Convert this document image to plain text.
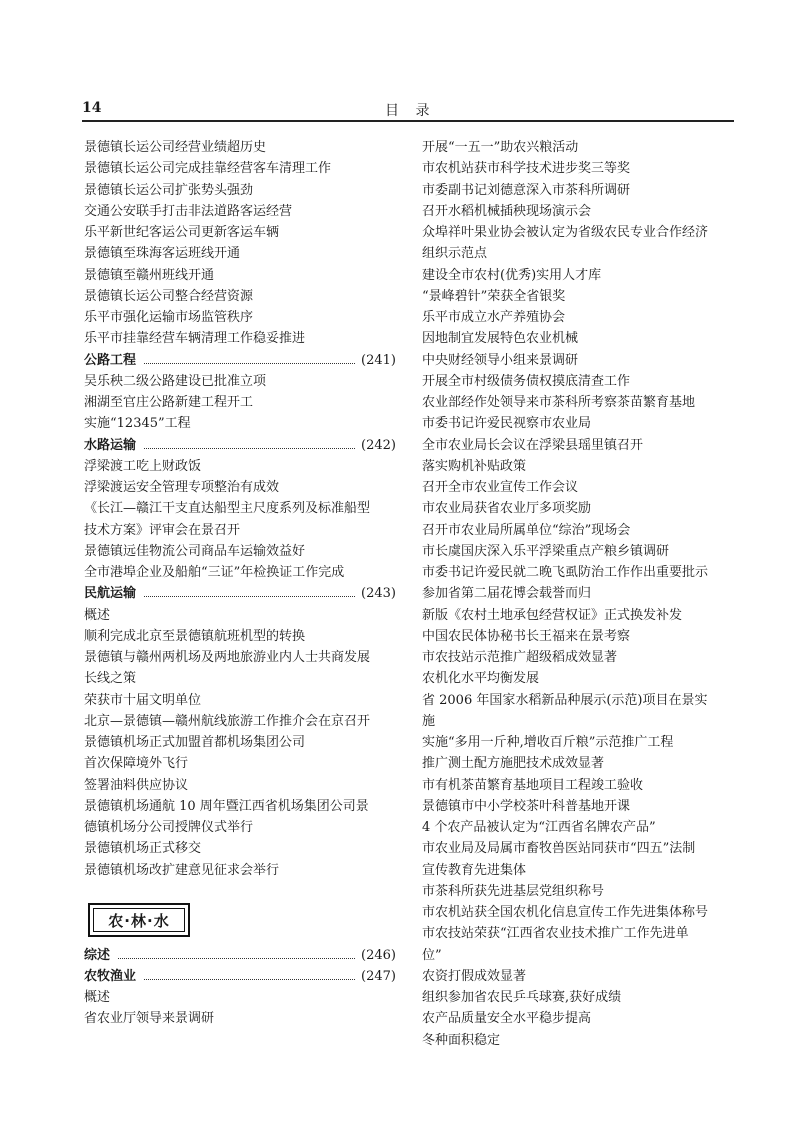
14	目 录
景德镇长运公司经营业绩超历史
景德镇长运公司完成挂靠经营客车清理工作
景德镇长运公司扩张势头强劲
交通公安联手打击非法道路客运经营
乐平新世纪客运公司更新客运车辆
景德镇至珠海客运班线开通
景德镇至赣州班线开通
景德镇长运公司整合经营资源
乐平市强化运输市场监管秩序
乐平市挂靠经营车辆清理工作稳妥推进
公路工程	(241)
吴乐秧二级公路建设已批准立项
湘湖至官庄公路新建工程开工
实施“12345”工程
水路运输	(242)
浮梁渡工吃上财政饭
浮梁渡运安全管理专项整治有成效
《长江—赣江干支直达船型主尺度系列及标准船型
技术方案》评审会在景召开
景德镇远佳物流公司商品车运输效益好
全市港埠企业及船舶“三证”年检换证工作完成
民航运输	(243)
概述
顺利完成北京至景德镇航班机型的转换
景德镇与赣州两机场及两地旅游业内人士共商发展
长线之策
荣获市十届文明单位
北京—景德镇—赣州航线旅游工作推介会在京召开
景德镇机场正式加盟首都机场集团公司
首次保障境外飞行
签署油料供应协议
景德镇机场通航 10 周年暨江西省机场集团公司景
德镇机场分公司授牌仪式举行
景德镇机场正式移交
景德镇机场改扩建意见征求会举行
农·林·水
综述	(246)
农牧渔业	(247)
概述
省农业厅领导来景调研
开展“一五一”助农兴粮活动
市农机站获市科学技术进步奖三等奖
市委副书记刘德意深入市茶科所调研
召开水稻机械插秧现场演示会
众埠祥叶果业协会被认定为省级农民专业合作经济
组织示范点
建设全市农村(优秀)实用人才库
“景峰碧针”荣获全省银奖
乐平市成立水产养殖协会
因地制宜发展特色农业机械
中央财经领导小组来景调研
开展全市村级债务债权摸底清查工作
农业部经作处领导来市茶科所考察茶苗繁育基地
市委书记许爱民视察市农业局
全市农业局长会议在浮梁县瑶里镇召开
落实购机补贴政策
召开全市农业宣传工作会议
市农业局获省农业厅多项奖励
召开市农业局所属单位“综治”现场会
市长虞国庆深入乐平浮梁重点产粮乡镇调研
市委书记许爱民就二晚飞虱防治工作作出重要批示
参加省第二届花博会载誉而归
新版《农村土地承包经营权证》正式换发补发
中国农民体协秘书长王福来在景考察
市农技站示范推广超级稻成效显著
农机化水平均衡发展
省 2006 年国家水稻新品种展示(示范)项目在景实
施
实施“多用一斤种,增收百斤粮”示范推广工程
推广测土配方施肥技术成效显著
市有机茶苗繁育基地项目工程竣工验收
景德镇市中小学校茶叶科普基地开课
4 个农产品被认定为“江西省名牌农产品”
市农业局及局属市畜牧兽医站同获市“四五”法制
宣传教育先进集体
市茶科所获先进基层党组织称号
市农机站获全国农机化信息宣传工作先进集体称号
市农技站荣获“江西省农业技术推广工作先进单
位”
农资打假成效显著
组织参加省农民乒乓球赛,获好成绩
农产品质量安全水平稳步提高
冬种面积稳定
